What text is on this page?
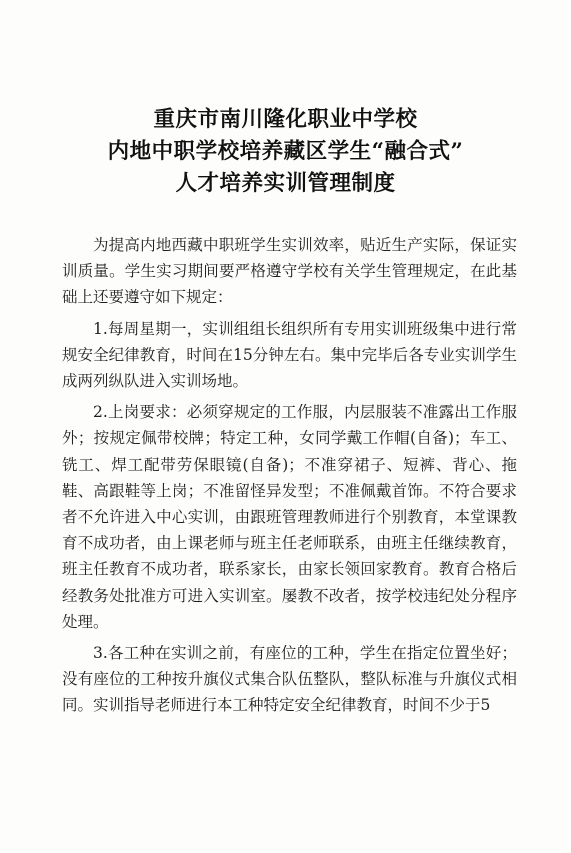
重庆市南川隆化职业中学校
内地中职学校培养藏区学生“融合式”
人才培养实训管理制度

为提高内地西藏中职班学生实训效率，贴近生产实际，保证实训质量。学生实习期间要严格遵守学校有关学生管理规定，在此基础上还要遵守如下规定：

1.每周星期一，实训组组长组织所有专用实训班级集中进行常规安全纪律教育，时间在15分钟左右。集中完毕后各专业实训学生成两列纵队进入实训场地。

2.上岗要求：必须穿规定的工作服，内层服装不准露出工作服外；按规定佩带校牌；特定工种，女同学戴工作帽(自备)；车工、铣工、焊工配带劳保眼镜(自备)；不准穿裙子、短裤、背心、拖鞋、高跟鞋等上岗；不准留怪异发型；不准佩戴首饰。不符合要求者不允许进入中心实训，由跟班管理教师进行个别教育，本堂课教育不成功者，由上课老师与班主任老师联系，由班主任继续教育，班主任教育不成功者，联系家长，由家长领回家教育。教育合格后经教务处批准方可进入实训室。屡教不改者，按学校违纪处分程序处理。

3.各工种在实训之前，有座位的工种，学生在指定位置坐好；没有座位的工种按升旗仪式集合队伍整队，整队标准与升旗仪式相同。实训指导老师进行本工种特定安全纪律教育，时间不少于5
